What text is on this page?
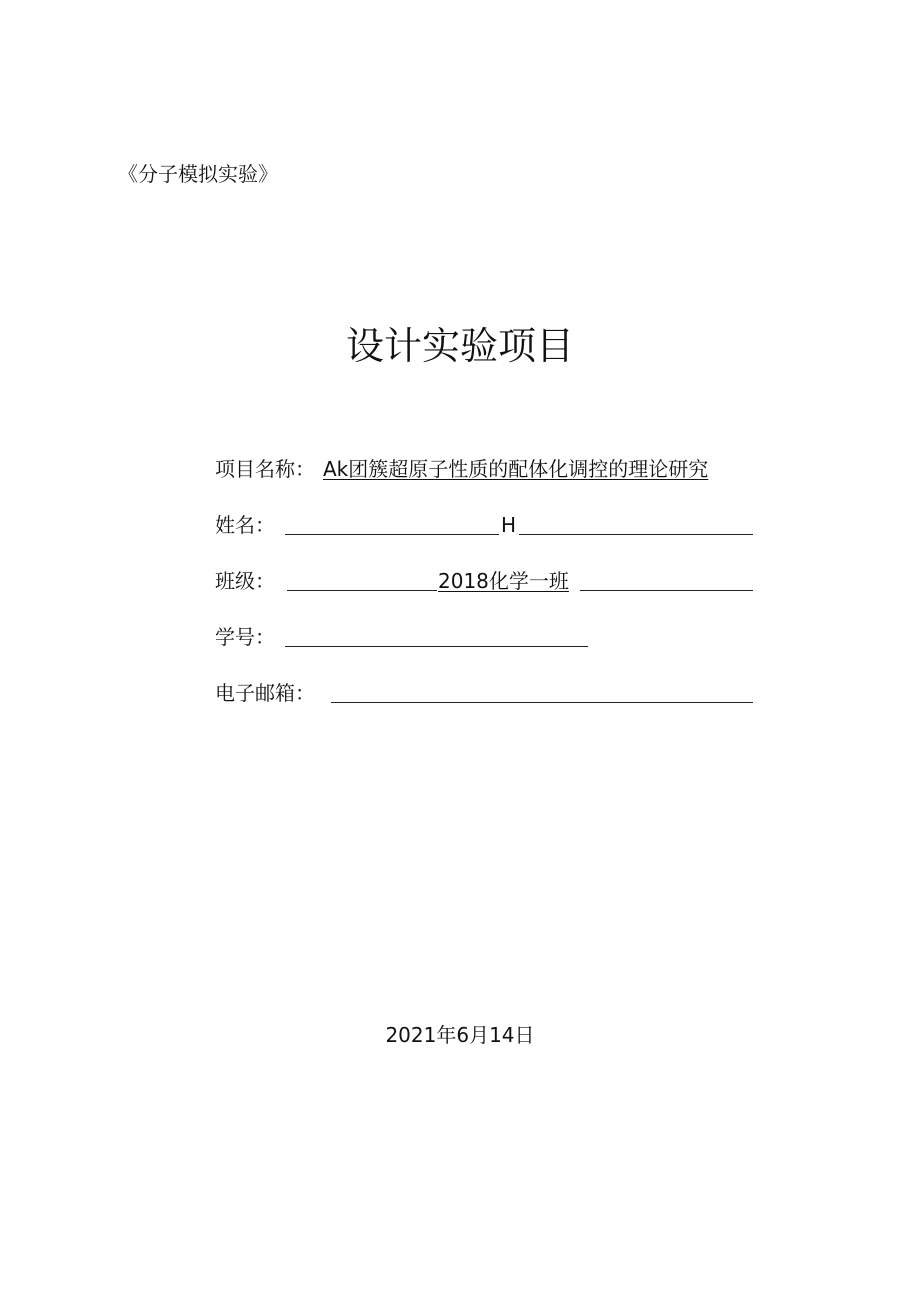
《分子模拟实验》
设计实验项目
项目名称： Ak团簇超原子性质的配体化调控的理论研究
姓名：	H
班级：	2018化学一班
学号：
电子邮箱：
2021年6月14日
